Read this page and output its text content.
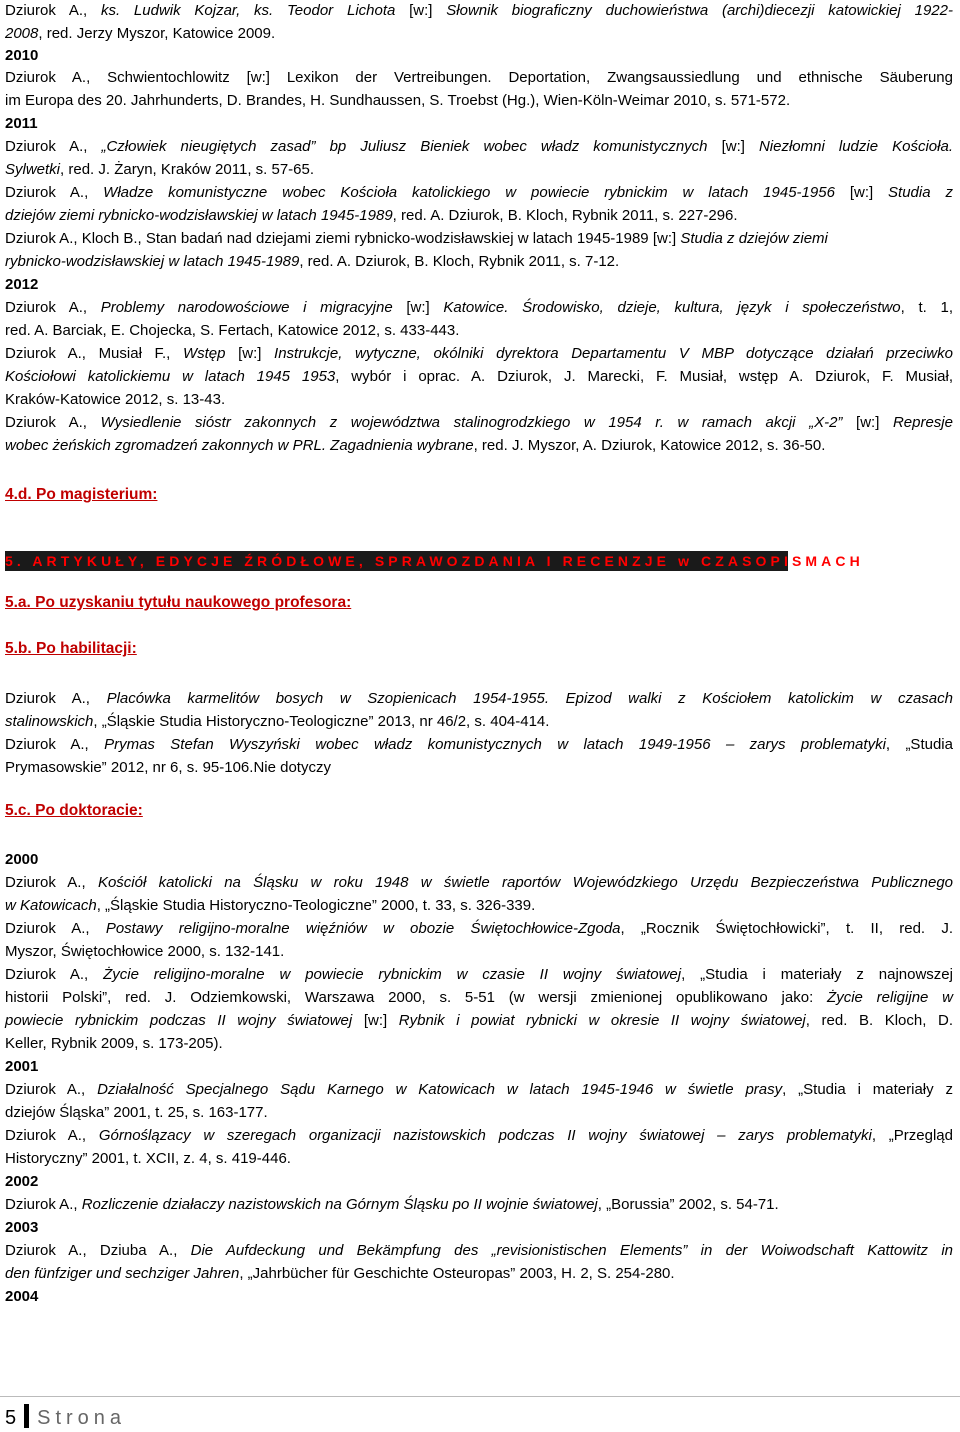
Dziurok A., ks. Ludwik Kojzar, ks. Teodor Lichota [w:] Słownik biograficzny duchowieństwa (archi)diecezji katowickiej 1922-
2008, red. Jerzy Myszor, Katowice 2009.
2010
Dziurok A., Schwientochlowitz [w:] Lexikon der Vertreibungen. Deportation, Zwangsaussiedlung und ethnische Säuberung
im Europa des 20. Jahrhunderts, D. Brandes, H. Sundhaussen, S. Troebst (Hg.), Wien-Köln-Weimar 2010, s. 571-572.
2011
Dziurok A., „Człowiek nieugiętych zasad” bp Juliusz Bieniek wobec władz komunistycznych [w:] Niezłomni ludzie Kościoła.
Sylwetki, red. J. Żaryn, Kraków 2011, s. 57-65.
Dziurok A., Władze komunistyczne wobec Kościoła katolickiego w powiecie rybnickim w latach 1945-1956 [w:] Studia z
dziejów ziemi rybnicko-wodzisławskiej w latach 1945-1989, red. A. Dziurok, B. Kloch, Rybnik 2011, s. 227-296.
Dziurok A., Kloch B., Stan badań nad dziejami ziemi rybnicko-wodzisławskiej w latach 1945-1989 [w:] Studia z dziejów ziemi
rybnicko-wodzisławskiej w latach 1945-1989, red. A. Dziurok, B. Kloch, Rybnik 2011, s. 7-12.
2012
Dziurok A., Problemy narodowościowe i migracyjne [w:] Katowice. Środowisko, dzieje, kultura, język i społeczeństwo, t. 1,
red. A. Barciak, E. Chojecka, S. Fertach, Katowice 2012, s. 433-443.
Dziurok A., Musiał F., Wstęp [w:] Instrukcje, wytyczne, okólniki dyrektora Departamentu V MBP dotyczące działań przeciwko
Kościołowi katolickiemu w latach 1945 1953, wybór i oprac. A. Dziurok, J. Marecki, F. Musiał, wstęp A. Dziurok, F. Musiał,
Kraków-Katowice 2012, s. 13-43.
Dziurok A., Wysiedlenie sióstr zakonnych z województwa stalinogrodzkiego w 1954 r. w ramach akcji „X-2” [w:] Represje
wobec żeńskich zgromadzeń zakonnych w PRL. Zagadnienia wybrane, red. J. Myszor, A. Dziurok, Katowice 2012, s. 36-50.
Dziurok A., Placówka karmelitów bosych w Szopienicach 1954-1955. Epizod walki z Kościołem katolickim w czasach
stalinowskich, „Śląskie Studia Historyczno-Teologiczne” 2013, nr 46/2, s. 404-414.
Dziurok A., Prymas Stefan Wyszyński wobec władz komunistycznych w latach 1949-1956 – zarys problematyki, „Studia
Prymasowskie” 2012, nr 6, s. 95-106.Nie dotyczy
2000
Dziurok A., Kościół katolicki na Śląsku w roku 1948 w świetle raportów Wojewódzkiego Urzędu Bezpieczeństwa Publicznego
w Katowicach, „Śląskie Studia Historyczno-Teologiczne” 2000, t. 33, s. 326-339.
Dziurok A., Postawy religijno-moralne więźniów w obozie Świętochłowice-Zgoda, „Rocznik Świętochłowicki”, t. II, red. J.
Myszor, Świętochłowice 2000, s. 132-141.
Dziurok A., Życie religijno-moralne w powiecie rybnickim w czasie II wojny światowej, „Studia i materiały z najnowszej
historii Polski”, red. J. Odziemkowski, Warszawa 2000, s. 5-51 (w wersji zmienionej opublikowano jako: Życie religijne w
powiecie rybnickim podczas II wojny światowej [w:] Rybnik i powiat rybnicki w okresie II wojny światowej, red. B. Kloch, D.
Keller, Rybnik 2009, s. 173-205).
2001
Dziurok A., Działalność Specjalnego Sądu Karnego w Katowicach w latach 1945-1946 w świetle prasy, „Studia i materiały z
dziejów Śląska” 2001, t. 25, s. 163-177.
Dziurok A., Górnoślązacy w szeregach organizacji nazistowskich podczas II wojny światowej – zarys problematyki, „Przegląd
Historyczny” 2001, t. XCII, z. 4, s. 419-446.
2002
Dziurok A., Rozliczenie działaczy nazistowskich na Górnym Śląsku po II wojnie światowej, „Borussia” 2002, s. 54-71.
2003
Dziurok A., Dziuba A., Die Aufdeckung und Bekämpfung des „revisionistischen Elements” in der Woiwodschaft Kattowitz in
den fünfziger und sechziger Jahren, „Jahrbücher für Geschichte Osteuropas” 2003, H. 2, S. 254-280.
2004
4.d. Po magisterium:
5.a. Po uzyskaniu tytułu naukowego profesora:
5.b. Po habilitacji:
5.c. Po doktoracie:
5. ARTYKUŁY, EDYCJE ŹRÓDŁOWE, SPRAWOZDANIA I RECENZJE w CZASOPISMACH
5 Strona
